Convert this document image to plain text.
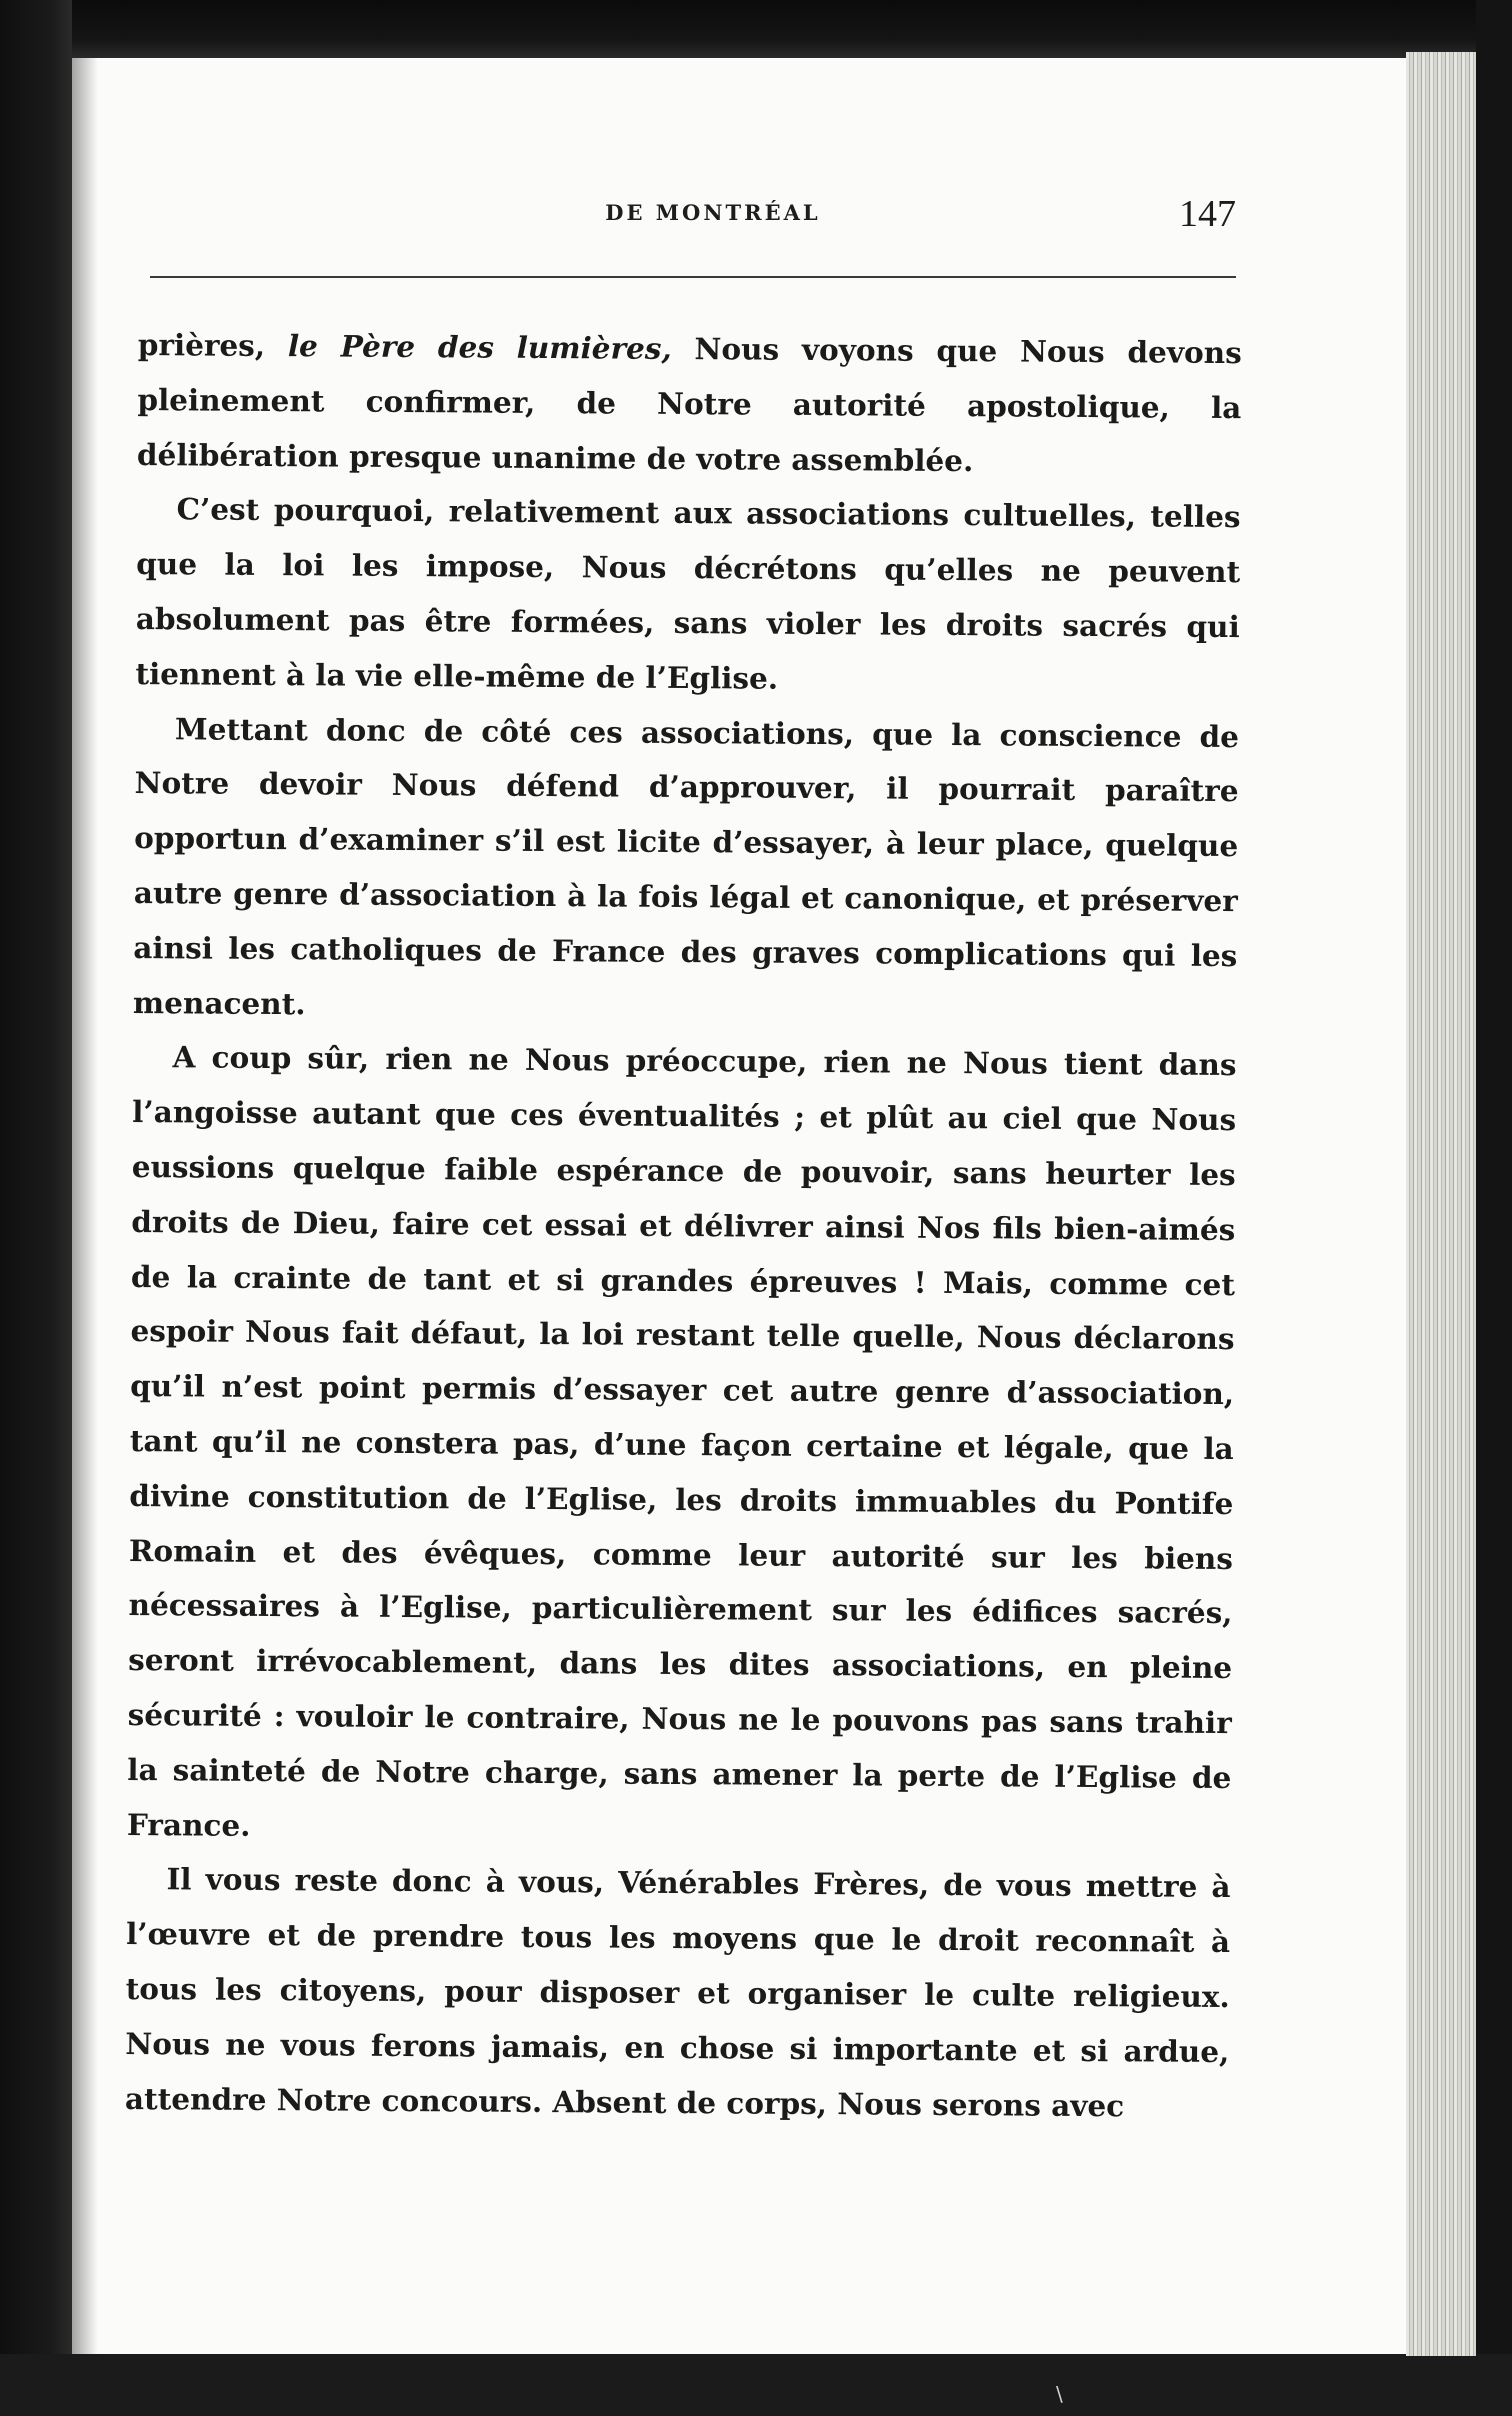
DE MONTRÉAL	147

prières, le Père des lumières, Nous voyons que Nous devons pleinement confirmer, de Notre autorité apostolique, la délibération presque unanime de votre assemblée.

C’est pourquoi, relativement aux associations cultuelles, telles que la loi les impose, Nous décrétons qu’elles ne peuvent absolument pas être formées, sans violer les droits sacrés qui tiennent à la vie elle-même de l’Eglise.

Mettant donc de côté ces associations, que la conscience de Notre devoir Nous défend d’approuver, il pourrait paraître opportun d’examiner s’il est licite d’essayer, à leur place, quelque autre genre d’association à la fois légal et canonique, et préserver ainsi les catholiques de France des graves complications qui les menacent.

A coup sûr, rien ne Nous préoccupe, rien ne Nous tient dans l’angoisse autant que ces éventualités ; et plût au ciel que Nous eussions quelque faible espérance de pouvoir, sans heurter les droits de Dieu, faire cet essai et délivrer ainsi Nos fils bien-aimés de la crainte de tant et si grandes épreuves ! Mais, comme cet espoir Nous fait défaut, la loi restant telle quelle, Nous déclarons qu’il n’est point permis d’essayer cet autre genre d’association, tant qu’il ne constera pas, d’une façon certaine et légale, que la divine constitution de l’Eglise, les droits immuables du Pontife Romain et des évêques, comme leur autorité sur les biens nécessaires à l’Eglise, particulièrement sur les édifices sacrés, seront irrévocablement, dans les dites associations, en pleine sécurité : vouloir le contraire, Nous ne le pouvons pas sans trahir la sainteté de Notre charge, sans amener la perte de l’Eglise de France.

Il vous reste donc à vous, Vénérables Frères, de vous mettre à l’œuvre et de prendre tous les moyens que le droit reconnaît à tous les citoyens, pour disposer et organiser le culte religieux. Nous ne vous ferons jamais, en chose si importante et si ardue, attendre Notre concours. Absent de corps, Nous serons avec

\
